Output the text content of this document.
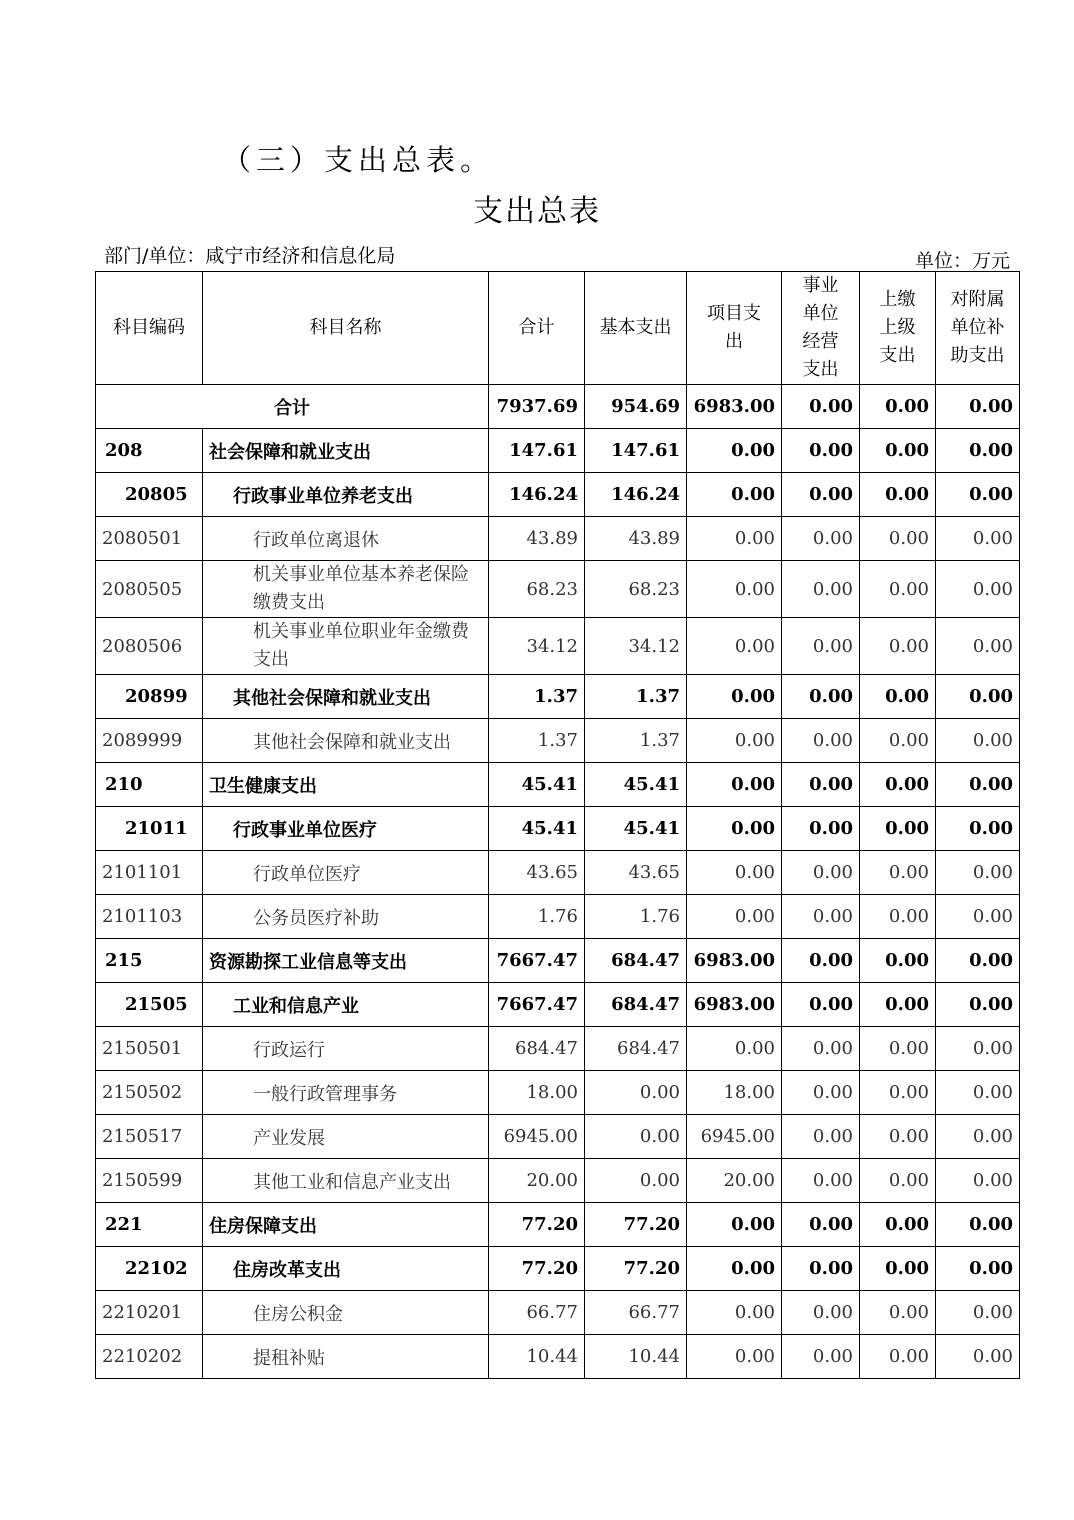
（三）支出总表。
支出总表
部门/单位：咸宁市经济和信息化局	单位：万元
科目编码	科目名称	合计	基本支出	项目支出	事业单位经营支出	上缴上级支出	对附属单位补助支出
合计		7937.69	954.69	6983.00	0.00	0.00	0.00
208	社会保障和就业支出	147.61	147.61	0.00	0.00	0.00	0.00
20805	行政事业单位养老支出	146.24	146.24	0.00	0.00	0.00	0.00
2080501	行政单位离退休	43.89	43.89	0.00	0.00	0.00	0.00
2080505	机关事业单位基本养老保险缴费支出	68.23	68.23	0.00	0.00	0.00	0.00
2080506	机关事业单位职业年金缴费支出	34.12	34.12	0.00	0.00	0.00	0.00
20899	其他社会保障和就业支出	1.37	1.37	0.00	0.00	0.00	0.00
2089999	其他社会保障和就业支出	1.37	1.37	0.00	0.00	0.00	0.00
210	卫生健康支出	45.41	45.41	0.00	0.00	0.00	0.00
21011	行政事业单位医疗	45.41	45.41	0.00	0.00	0.00	0.00
2101101	行政单位医疗	43.65	43.65	0.00	0.00	0.00	0.00
2101103	公务员医疗补助	1.76	1.76	0.00	0.00	0.00	0.00
215	资源勘探工业信息等支出	7667.47	684.47	6983.00	0.00	0.00	0.00
21505	工业和信息产业	7667.47	684.47	6983.00	0.00	0.00	0.00
2150501	行政运行	684.47	684.47	0.00	0.00	0.00	0.00
2150502	一般行政管理事务	18.00	0.00	18.00	0.00	0.00	0.00
2150517	产业发展	6945.00	0.00	6945.00	0.00	0.00	0.00
2150599	其他工业和信息产业支出	20.00	0.00	20.00	0.00	0.00	0.00
221	住房保障支出	77.20	77.20	0.00	0.00	0.00	0.00
22102	住房改革支出	77.20	77.20	0.00	0.00	0.00	0.00
2210201	住房公积金	66.77	66.77	0.00	0.00	0.00	0.00
2210202	提租补贴	10.44	10.44	0.00	0.00	0.00	0.00
